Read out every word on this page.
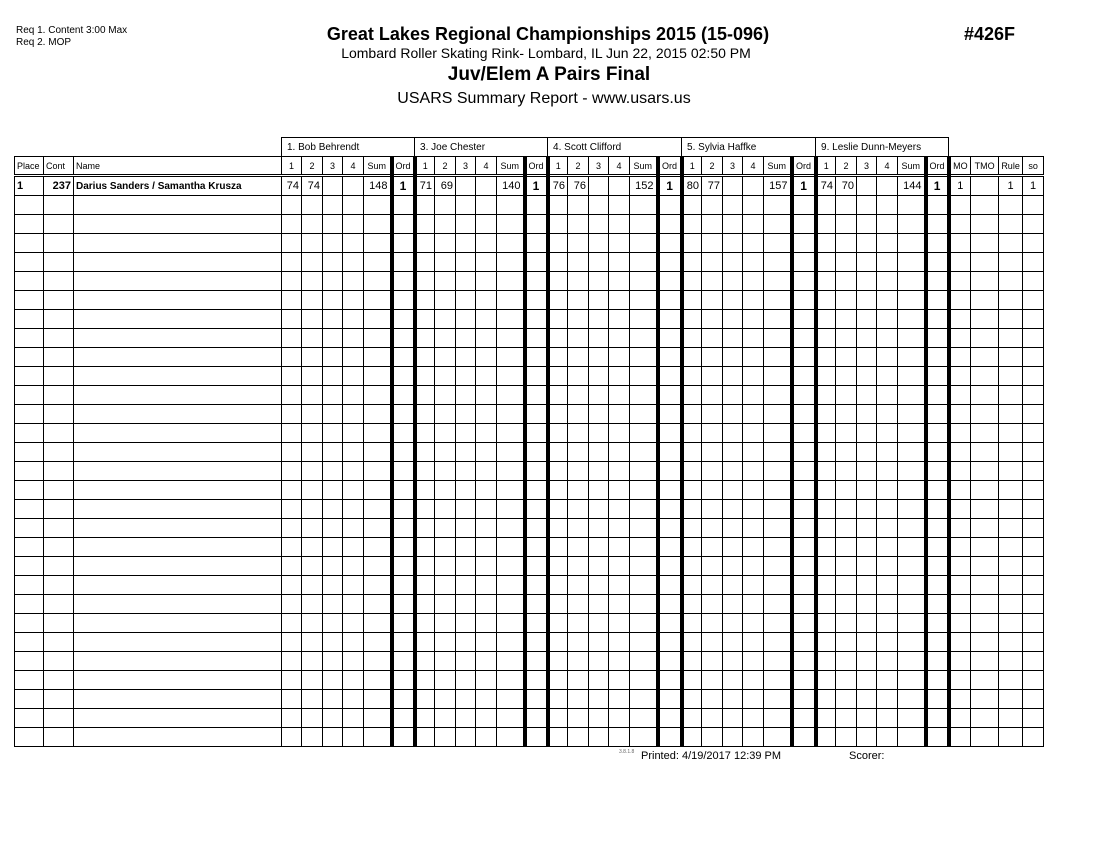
Req 1. Content 3:00 Max
Req 2. MOP	Great Lakes Regional Championships 2015 (15-096)
Lombard Roller Skating Rink- Lombard, IL Jun 22, 2015 02:50 PM
Juv/Elem A Pairs Final
USARS Summary Report - www.usars.us
#426F
			1. Bob Behrendt						3. Joe Chester						4. Scott Clifford						5. Sylvia Haffke						9. Leslie Dunn-Meyers									
Place	Cont	Name	1	2	3	4	Sum	Ord	1	2	3	4	Sum	Ord	1	2	3	4	Sum	Ord	1	2	3	4	Sum	Ord	1	2	3	4	Sum	Ord	MO	TMO	Rule	so
1	237	Darius Sanders / Samantha Krusza	74	74			148	1	71	69			140	1	76	76			152	1	80	77			157	1	74	70			144	1	1		1	1

3.8.1.8 Printed: 4/19/2017 12:39 PM	Scorer:
